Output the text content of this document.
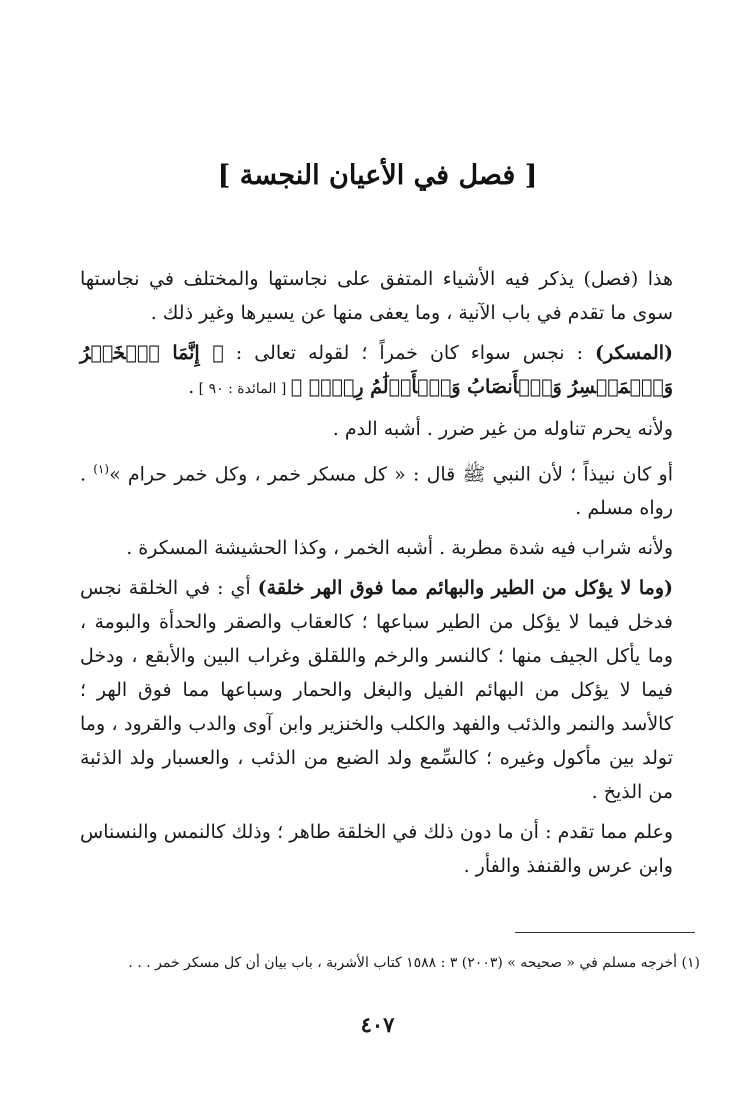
[ فصل في الأعيان النجسة ]

هذا (فصل) يذكر فيه الأشياء المتفق على نجاستها والمختلف في نجاستها سوى ما تقدم في باب الآنية ، وما يعفى منها عن يسيرها وغير ذلك .

(المسكر) : نجس سواء كان خمراً ؛ لقوله تعالى : ﴿ إِنَّمَا ٱلۡخَمۡرُ وَٱلۡمَيۡسِرُ وَٱلۡأَنصَابُ وَٱلۡأَزۡلَٰمُ رِجۡسٞ ﴾ [ المائدة : ٩٠ ] .

ولأنه يحرم تناوله من غير ضرر . أشبه الدم .

أو كان نبيذاً ؛ لأن النبي ﷺ قال : « كل مسكر خمر ، وكل خمر حرام »$^{(١)}$ . رواه مسلم .

ولأنه شراب فيه شدة مطربة . أشبه الخمر ، وكذا الحشيشة المسكرة .

(وما لا يؤكل من الطير والبهائم مما فوق الهر خلقة) أي : في الخلقة نجس فدخل فيما لا يؤكل من الطير سباعها ؛ كالعقاب والصقر والحدأة والبومة ، وما يأكل الجيف منها ؛ كالنسر والرخم واللقلق وغراب البين والأبقع ، ودخل فيما لا يؤكل من البهائم الفيل والبغل والحمار وسباعها مما فوق الهر ؛ كالأسد والنمر والذئب والفهد والكلب والخنزير وابن آوى والدب والقرود ، وما تولد بين مأكول وغيره ؛ كالسِّمع ولد الضبع من الذئب ، والعسبار ولد الذئبة من الذيخ .

وعلم مما تقدم : أن ما دون ذلك في الخلقة طاهر ؛ وذلك كالنمس والنسناس وابن عرس والقنفذ والفأر .

(١) أخرجه مسلم في « صحيحه » (٢٠٠٣) ٣ : ١٥٨٨ كتاب الأشربة ، باب بيان أن كل مسكر خمر . . .
٤٠٧
